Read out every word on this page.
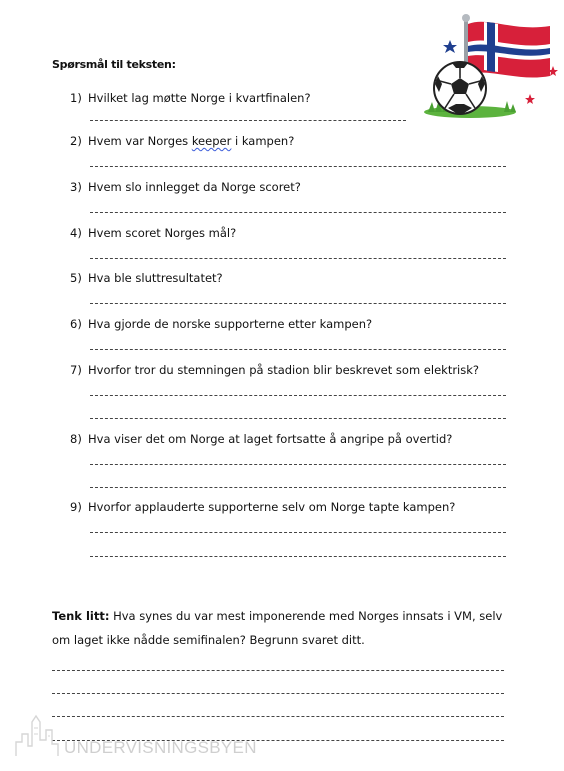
Spørsmål til teksten:
1) Hvilket lag møtte Norge i kvartfinalen?
2) Hvem var Norges keeper i kampen?
3) Hvem slo innlegget da Norge scoret?
4) Hvem scoret Norges mål?
5) Hva ble sluttresultatet?
6) Hva gjorde de norske supporterne etter kampen?
7) Hvorfor tror du stemningen på stadion blir beskrevet som elektrisk?
8) Hva viser det om Norge at laget fortsatte å angripe på overtid?
9) Hvorfor applauderte supporterne selv om Norge tapte kampen?
Tenk litt: Hva synes du var mest imponerende med Norges innsats i VM, selv om laget ikke nådde semifinalen? Begrunn svaret ditt.
UNDERVISNINGSBYEN
